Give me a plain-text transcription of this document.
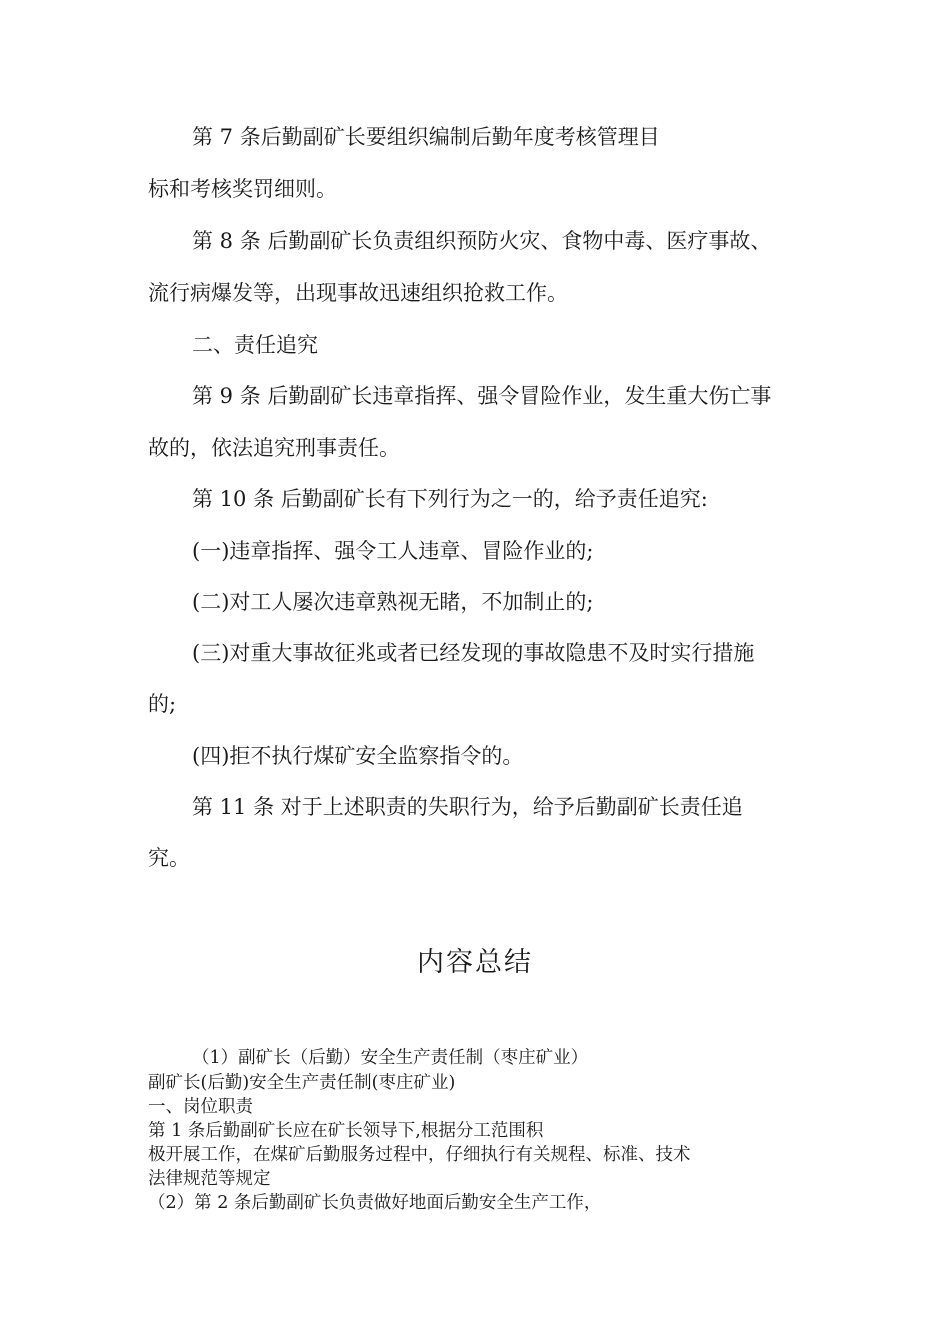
第 7 条后勤副矿长要组织编制后勤年度考核管理目
标和考核奖罚细则。
第 8 条 后勤副矿长负责组织预防火灾、食物中毒、医疗事故、
流行病爆发等，出现事故迅速组织抢救工作。
二、责任追究
第 9 条 后勤副矿长违章指挥、强令冒险作业，发生重大伤亡事
故的，依法追究刑事责任。
第 10 条 后勤副矿长有下列行为之一的，给予责任追究:
(一)违章指挥、强令工人违章、冒险作业的;
(二)对工人屡次违章熟视无睹，不加制止的;
(三)对重大事故征兆或者已经发现的事故隐患不及时实行措施
的;
(四)拒不执行煤矿安全监察指令的。
第 11 条 对于上述职责的失职行为，给予后勤副矿长责任追
究。
内容总结
（1）副矿长（后勤）安全生产责任制（枣庄矿业）
副矿长(后勤)安全生产责任制(枣庄矿业)
一、岗位职责
第 1 条后勤副矿长应在矿长领导下,根据分工范围积
极开展工作，在煤矿后勤服务过程中，仔细执行有关规程、标准、技术
法律规范等规定
（2）第 2 条后勤副矿长负责做好地面后勤安全生产工作，
